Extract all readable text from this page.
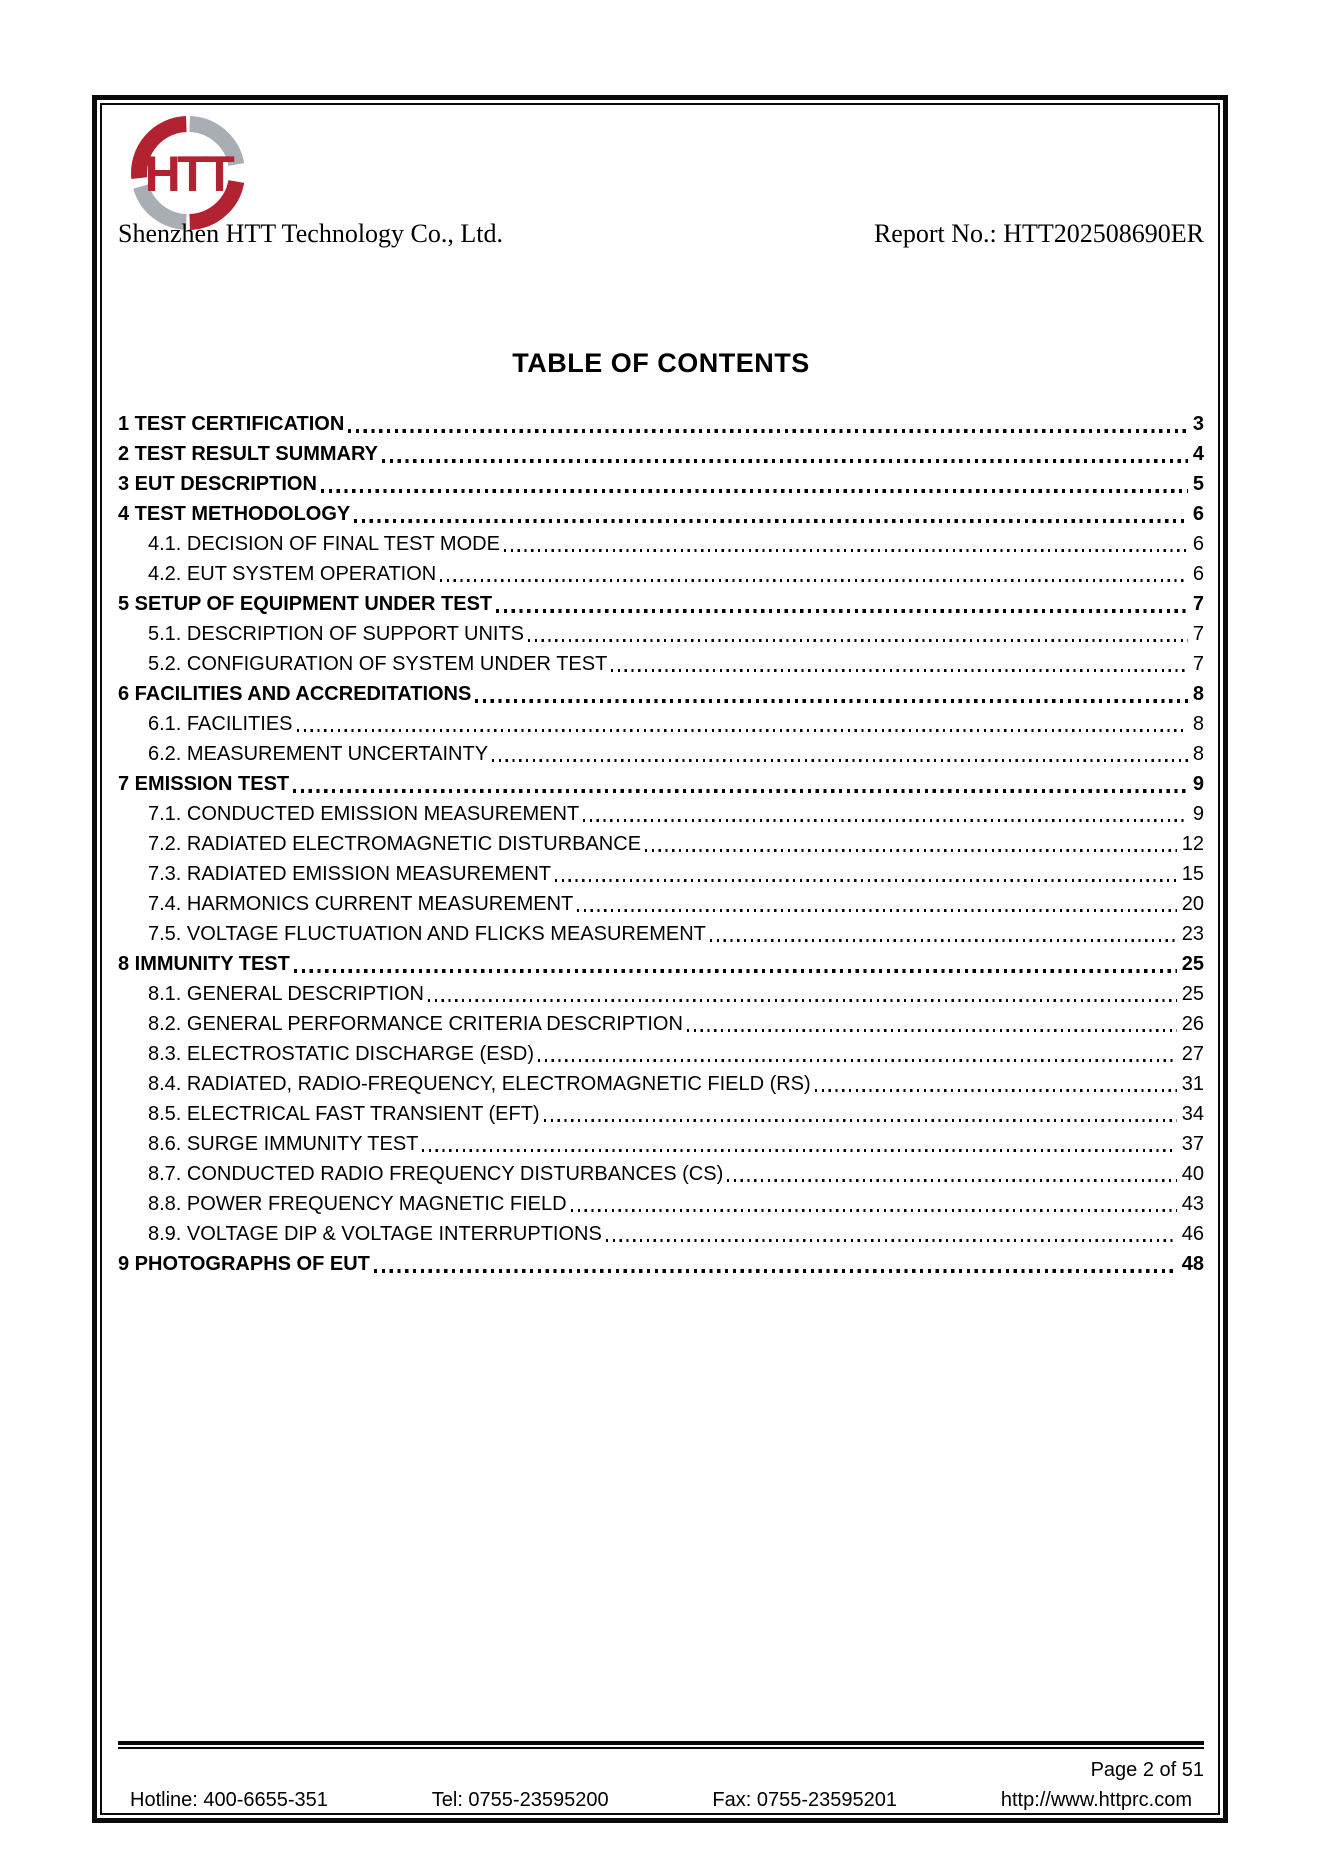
HTT
Shenzhen HTT Technology Co., Ltd.	Report No.: HTT202508690ER
TABLE OF CONTENTS
1 TEST CERTIFICATION	3
2 TEST RESULT SUMMARY	4
3 EUT DESCRIPTION	5
4 TEST METHODOLOGY	6
4.1. DECISION OF FINAL TEST MODE	6
4.2. EUT SYSTEM OPERATION	6
5 SETUP OF EQUIPMENT UNDER TEST	7
5.1. DESCRIPTION OF SUPPORT UNITS	7
5.2. CONFIGURATION OF SYSTEM UNDER TEST	7
6 FACILITIES AND ACCREDITATIONS	8
6.1. FACILITIES	8
6.2. MEASUREMENT UNCERTAINTY	8
7 EMISSION TEST	9
7.1. CONDUCTED EMISSION MEASUREMENT	9
7.2. RADIATED ELECTROMAGNETIC DISTURBANCE	12
7.3. RADIATED EMISSION MEASUREMENT	15
7.4. HARMONICS CURRENT MEASUREMENT	20
7.5. VOLTAGE FLUCTUATION AND FLICKS MEASUREMENT	23
8 IMMUNITY TEST	25
8.1. GENERAL DESCRIPTION	25
8.2. GENERAL PERFORMANCE CRITERIA DESCRIPTION	26
8.3. ELECTROSTATIC DISCHARGE (ESD)	27
8.4. RADIATED, RADIO-FREQUENCY, ELECTROMAGNETIC FIELD (RS)	31
8.5. ELECTRICAL FAST TRANSIENT (EFT)	34
8.6. SURGE IMMUNITY TEST	37
8.7. CONDUCTED RADIO FREQUENCY DISTURBANCES (CS)	40
8.8. POWER FREQUENCY MAGNETIC FIELD	43
8.9. VOLTAGE DIP & VOLTAGE INTERRUPTIONS	46
9 PHOTOGRAPHS OF EUT	48
Page 2 of 51
Hotline: 400-6655-351	Tel: 0755-23595200	Fax: 0755-23595201	http://www.httprc.com
